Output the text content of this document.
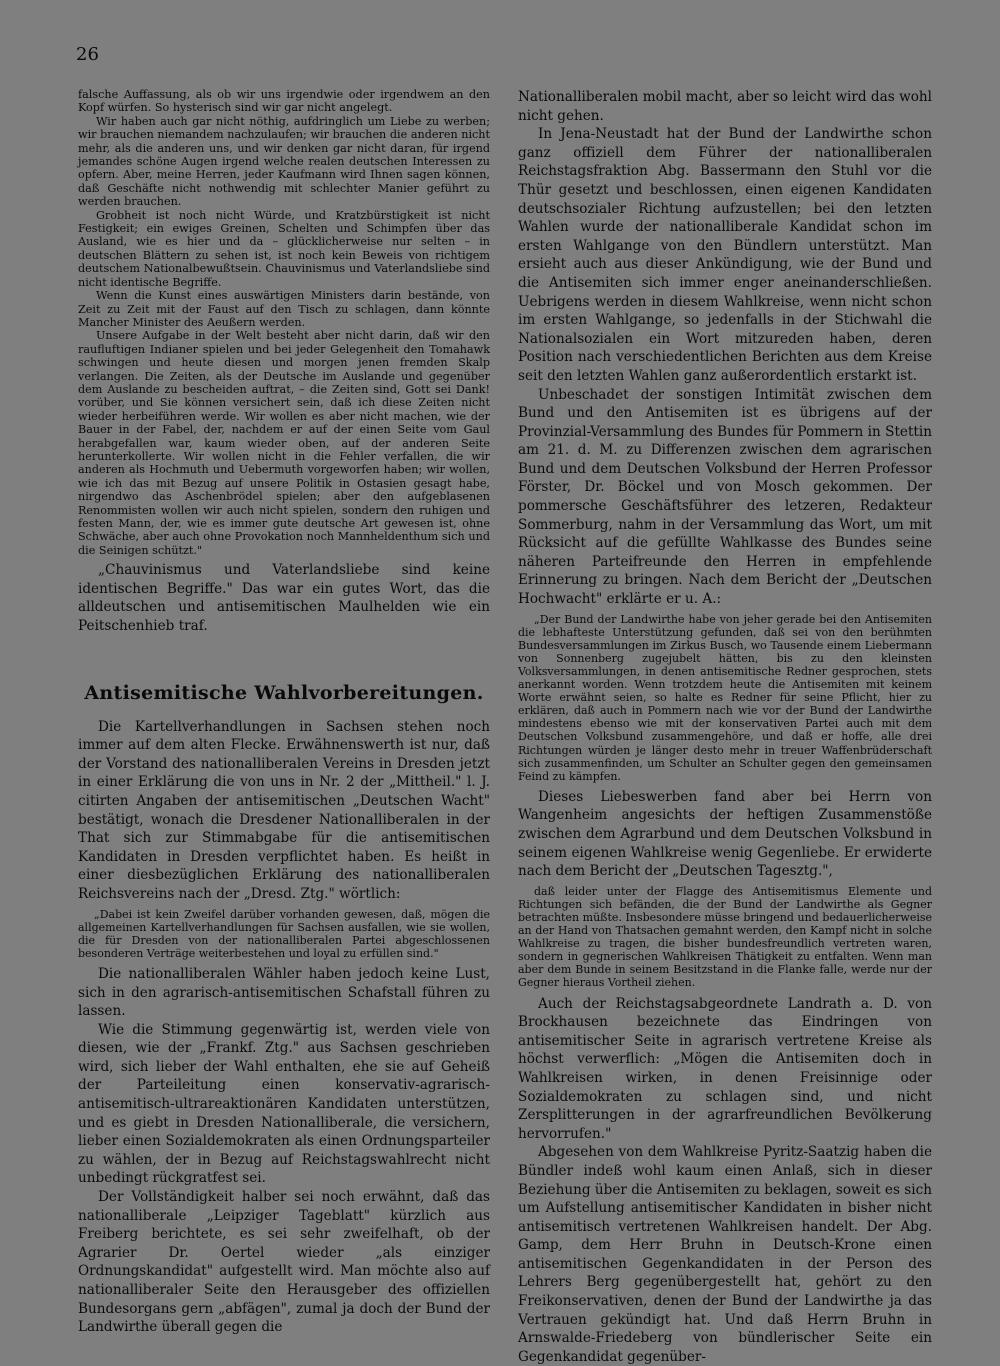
26

falsche Auffassung, als ob wir uns irgendwie oder irgendwem an den Kopf würfen. So hysterisch sind wir gar nicht angelegt.

Wir haben auch gar nicht nöthig, aufdringlich um Liebe zu werben; wir brauchen niemandem nachzulaufen; wir brauchen die anderen nicht mehr, als die anderen uns, und wir denken gar nicht daran, für irgend jemandes schöne Augen irgend welche realen deutschen Interessen zu opfern. Aber, meine Herren, jeder Kaufmann wird Ihnen sagen können, daß Geschäfte nicht nothwendig mit schlechter Manier geführt zu werden brauchen.

Grobheit ist noch nicht Würde, und Kratzbürstigkeit ist nicht Festigkeit; ein ewiges Greinen, Schelten und Schimpfen über das Ausland, wie es hier und da – glücklicherweise nur selten – in deutschen Blättern zu sehen ist, ist noch kein Beweis von richtigem deutschem Nationalbewußtsein. Chauvinismus und Vaterlandsliebe sind nicht identische Begriffe.

Wenn die Kunst eines auswärtigen Ministers darin bestände, von Zeit zu Zeit mit der Faust auf den Tisch zu schlagen, dann könnte Mancher Minister des Aeußern werden.

Unsere Aufgabe in der Welt besteht aber nicht darin, daß wir den raufluftigen Indianer spielen und bei jeder Gelegenheit den Tomahawk schwingen und heute diesen und morgen jenen fremden Skalp verlangen. Die Zeiten, als der Deutsche im Auslande und gegenüber dem Auslande zu bescheiden auftrat, – die Zeiten sind, Gott sei Dank! vorüber, und Sie können versichert sein, daß ich diese Zeiten nicht wieder herbeiführen werde. Wir wollen es aber nicht machen, wie der Bauer in der Fabel, der, nachdem er auf der einen Seite vom Gaul herabgefallen war, kaum wieder oben, auf der anderen Seite herunterkollerte. Wir wollen nicht in die Fehler verfallen, die wir anderen als Hochmuth und Uebermuth vorgeworfen haben; wir wollen, wie ich das mit Bezug auf unsere Politik in Ostasien gesagt habe, nirgendwo das Aschenbrödel spielen; aber den aufgeblasenen Renommisten wollen wir auch nicht spielen, sondern den ruhigen und festen Mann, der, wie es immer gute deutsche Art gewesen ist, ohne Schwäche, aber auch ohne Provokation noch Mannheldenthum sich und die Seinigen schützt."

„Chauvinismus und Vaterlandsliebe sind keine identischen Begriffe." Das war ein gutes Wort, das die alldeutschen und antisemitischen Maulhelden wie ein Peitschenhieb traf.

Antisemitische Wahlvorbereitungen.

Die Kartellverhandlungen in Sachsen stehen noch immer auf dem alten Flecke. Erwähnenswerth ist nur, daß der Vorstand des nationalliberalen Vereins in Dresden jetzt in einer Erklärung die von uns in Nr. 2 der „Mittheil." l. J. citirten Angaben der antisemitischen „Deutschen Wacht" bestätigt, wonach die Dresdener Nationalliberalen in der That sich zur Stimmabgabe für die antisemitischen Kandidaten in Dresden verpflichtet haben. Es heißt in einer diesbezüglichen Erklärung des nationalliberalen Reichsvereins nach der „Dresd. Ztg." wörtlich:

„Dabei ist kein Zweifel darüber vorhanden gewesen, daß, mögen die allgemeinen Kartellverhandlungen für Sachsen ausfallen, wie sie wollen, die für Dresden von der nationalliberalen Partei abgeschlossenen besonderen Verträge weiterbestehen und loyal zu erfüllen sind."

Die nationalliberalen Wähler haben jedoch keine Lust, sich in den agrarisch-antisemitischen Schafstall führen zu lassen.

Wie die Stimmung gegenwärtig ist, werden viele von diesen, wie der „Frankf. Ztg." aus Sachsen geschrieben wird, sich lieber der Wahl enthalten, ehe sie auf Geheiß der Parteileitung einen konservativ-agrarisch-antisemitisch-ultrareaktionären Kandidaten unterstützen, und es giebt in Dresden Nationalliberale, die versichern, lieber einen Sozialdemokraten als einen Ordnungsparteiler zu wählen, der in Bezug auf Reichstagswahlrecht nicht unbedingt rückgratfest sei.

Der Vollständigkeit halber sei noch erwähnt, daß das nationalliberale „Leipziger Tageblatt" kürzlich aus Freiberg berichtete, es sei sehr zweifelhaft, ob der Agrarier Dr. Oertel wieder „als einziger Ordnungskandidat" aufgestellt wird. Man möchte also auf nationalliberaler Seite den Herausgeber des offiziellen Bundesorgans gern „abfägen", zumal ja doch der Bund der Landwirthe überall gegen die

Nationalliberalen mobil macht, aber so leicht wird das wohl nicht gehen.

In Jena-Neustadt hat der Bund der Landwirthe schon ganz offiziell dem Führer der nationalliberalen Reichstagsfraktion Abg. Bassermann den Stuhl vor die Thür gesetzt und beschlossen, einen eigenen Kandidaten deutschsozialer Richtung aufzustellen; bei den letzten Wahlen wurde der nationalliberale Kandidat schon im ersten Wahlgange von den Bündlern unterstützt. Man ersieht auch aus dieser Ankündigung, wie der Bund und die Antisemiten sich immer enger aneinanderschließen. Uebrigens werden in diesem Wahlkreise, wenn nicht schon im ersten Wahlgange, so jedenfalls in der Stichwahl die Nationalsozialen ein Wort mitzureden haben, deren Position nach verschiedentlichen Berichten aus dem Kreise seit den letzten Wahlen ganz außerordentlich erstarkt ist.

Unbeschadet der sonstigen Intimität zwischen dem Bund und den Antisemiten ist es übrigens auf der Provinzial-Versammlung des Bundes für Pommern in Stettin am 21. d. M. zu Differenzen zwischen dem agrarischen Bund und dem Deutschen Volksbund der Herren Professor Förster, Dr. Böckel und von Mosch gekommen. Der pommersche Geschäftsführer des letzeren, Redakteur Sommerburg, nahm in der Versammlung das Wort, um mit Rücksicht auf die gefüllte Wahlkasse des Bundes seine näheren Parteifreunde den Herren in empfehlende Erinnerung zu bringen. Nach dem Bericht der „Deutschen Hochwacht" erklärte er u. A.:

„Der Bund der Landwirthe habe von jeher gerade bei den Antisemiten die lebhafteste Unterstützung gefunden, daß sei von den berühmten Bundesversammlungen im Zirkus Busch, wo Tausende einem Liebermann von Sonnenberg zugejubelt hätten, bis zu den kleinsten Volksversammlungen, in denen antisemitische Redner gesprochen, stets anerkannt worden. Wenn trotzdem heute die Antisemiten mit keinem Worte erwähnt seien, so halte es Redner für seine Pflicht, hier zu erklären, daß auch in Pommern nach wie vor der Bund der Landwirthe mindestens ebenso wie mit der konservativen Partei auch mit dem Deutschen Volksbund zusammengehöre, und daß er hoffe, alle drei Richtungen würden je länger desto mehr in treuer Waffenbrüderschaft sich zusammenfinden, um Schulter an Schulter gegen den gemeinsamen Feind zu kämpfen.

Dieses Liebeswerben fand aber bei Herrn von Wangenheim angesichts der heftigen Zusammenstöße zwischen dem Agrarbund und dem Deutschen Volksbund in seinem eigenen Wahlkreise wenig Gegenliebe. Er erwiderte nach dem Bericht der „Deutschen Tagesztg.",

daß leider unter der Flagge des Antisemitismus Elemente und Richtungen sich befänden, die der Bund der Landwirthe als Gegner betrachten müßte. Insbesondere müsse bringend und bedauerlicherweise an der Hand von Thatsachen gemahnt werden, den Kampf nicht in solche Wahlkreise zu tragen, die bisher bundesfreundlich vertreten waren, sondern in gegnerischen Wahlkreisen Thätigkeit zu entfalten. Wenn man aber dem Bunde in seinem Besitzstand in die Flanke falle, werde nur der Gegner hieraus Vortheil ziehen.

Auch der Reichstagsabgeordnete Landrath a. D. von Brockhausen bezeichnete das Eindringen von antisemitischer Seite in agrarisch vertretene Kreise als höchst verwerflich: „Mögen die Antisemiten doch in Wahlkreisen wirken, in denen Freisinnige oder Sozialdemokraten zu schlagen sind, und nicht Zersplitterungen in der agrarfreundlichen Bevölkerung hervorrufen."

Abgesehen von dem Wahlkreise Pyritz-Saatzig haben die Bündler indeß wohl kaum einen Anlaß, sich in dieser Beziehung über die Antisemiten zu beklagen, soweit es sich um Aufstellung antisemitischer Kandidaten in bisher nicht antisemitisch vertretenen Wahlkreisen handelt. Der Abg. Gamp, dem Herr Bruhn in Deutsch-Krone einen antisemitischen Gegenkandidaten in der Person des Lehrers Berg gegenübergestellt hat, gehört zu den Freikonservativen, denen der Bund der Landwirthe ja das Vertrauen gekündigt hat. Und daß Herrn Bruhn in Arnswalde-Friedeberg von bündlerischer Seite ein Gegenkandidat gegenüber-
